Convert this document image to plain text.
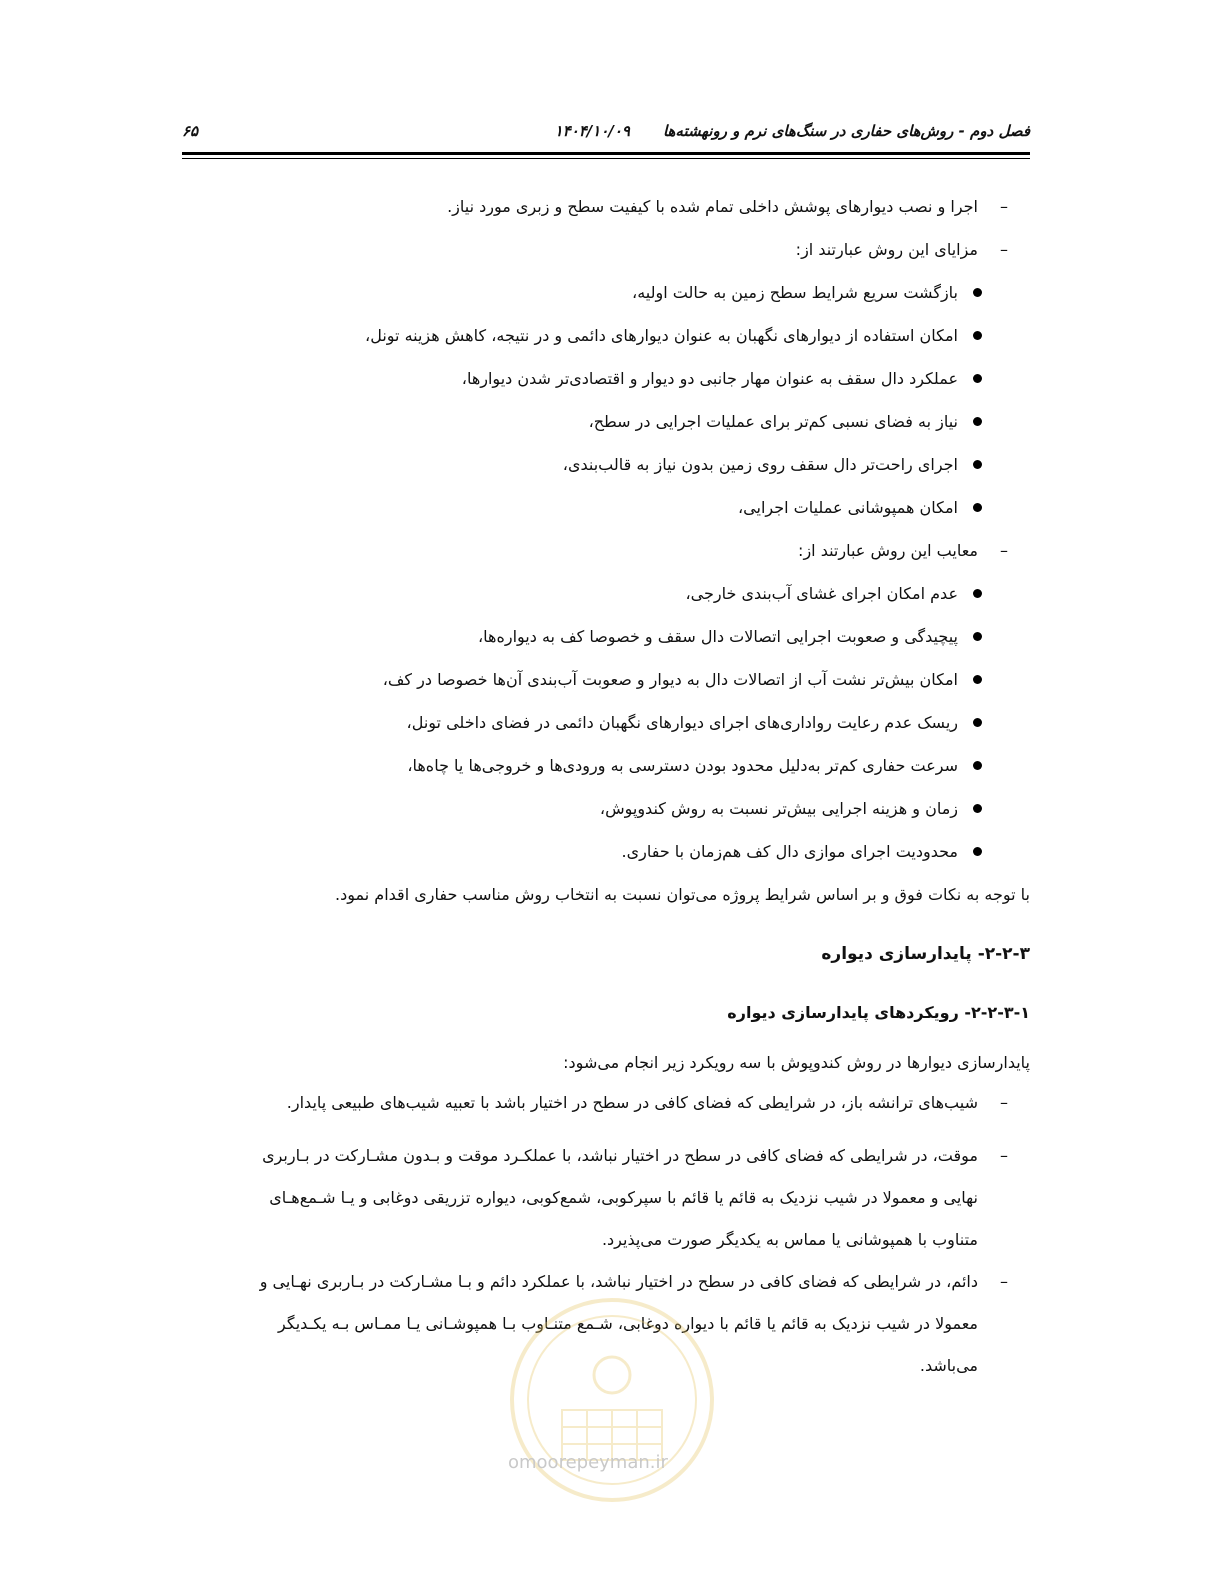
فصل دوم - روش‌های حفاری در سنگ‌های نرم و رونهشته‌ها
۱۴۰۴/۱۰/۰۹
۶۵
–
اجرا و نصب دیوارهای پوشش داخلی تمام شده با کیفیت سطح و زبری مورد نیاز.
–
مزایای این روش عبارتند از:
بازگشت سریع شرایط سطح زمین به حالت اولیه،
امکان استفاده از دیوارهای نگهبان به عنوان دیوارهای دائمی و در نتیجه، کاهش هزینه تونل،
عملکرد دال سقف به عنوان مهار جانبی دو دیوار و اقتصادی‌تر شدن دیوارها،
نیاز به فضای نسبی کم‌تر برای عملیات اجرایی در سطح،
اجرای راحت‌تر دال سقف روی زمین بدون نیاز به قالب‌بندی،
امکان همپوشانی عملیات اجرایی،
–
معایب این روش عبارتند از:
عدم امکان اجرای غشای آب‌بندی خارجی،
پیچیدگی و صعوبت اجرایی اتصالات دال سقف و خصوصا کف به دیواره‌ها،
امکان بیش‌تر نشت آب از اتصالات دال به دیوار و صعوبت آب‌بندی آن‌ها خصوصا در کف،
ریسک عدم رعایت رواداری‌های اجرای دیوارهای نگهبان دائمی در فضای داخلی تونل،
سرعت حفاری کم‌تر به‌دلیل محدود بودن دسترسی به ورودی‌ها و خروجی‌ها یا چاه‌ها،
زمان و هزینه اجرایی بیش‌تر نسبت به روش کندوپوش،
محدودیت اجرای موازی دال کف هم‌زمان با حفاری.
با توجه به نکات فوق و بر اساس شرایط پروژه می‌توان نسبت به انتخاب روش مناسب حفاری اقدام نمود.
۲-۲-۳- پایدارسازی دیواره
۲-۲-۳-۱- رویکردهای پایدارسازی دیواره
پایدارسازی دیوارها در روش کندوپوش با سه رویکرد زیر انجام می‌شود:
–
شیب‌های ترانشه باز، در شرایطی که فضای کافی در سطح در اختیار باشد با تعبیه شیب‌های طبیعی پایدار.
–
موقت، در شرایطی که فضای کافی در سطح در اختیار نباشد، با عملکـرد موقت و بـدون مشـارکت در بـاربری
نهایی و معمولا در شیب نزدیک به قائم یا قائم با سپرکوبی، شمع‌کوبی، دیواره تزریقی دوغابی و یـا شـمع‌هـای
متناوب با همپوشانی یا مماس به یکدیگر صورت می‌پذیرد.
–
دائم، در شرایطی که فضای کافی در سطح در اختیار نباشد، با عملکرد دائم و بـا مشـارکت در بـاربری نهـایی و
معمولا در شیب نزدیک به قائم یا قائم با دیواره دوغابی، شـمع متنـاوب بـا همپوشـانی یـا ممـاس بـه یکـدیگر
می‌باشد.
omoorepeyman.ir
